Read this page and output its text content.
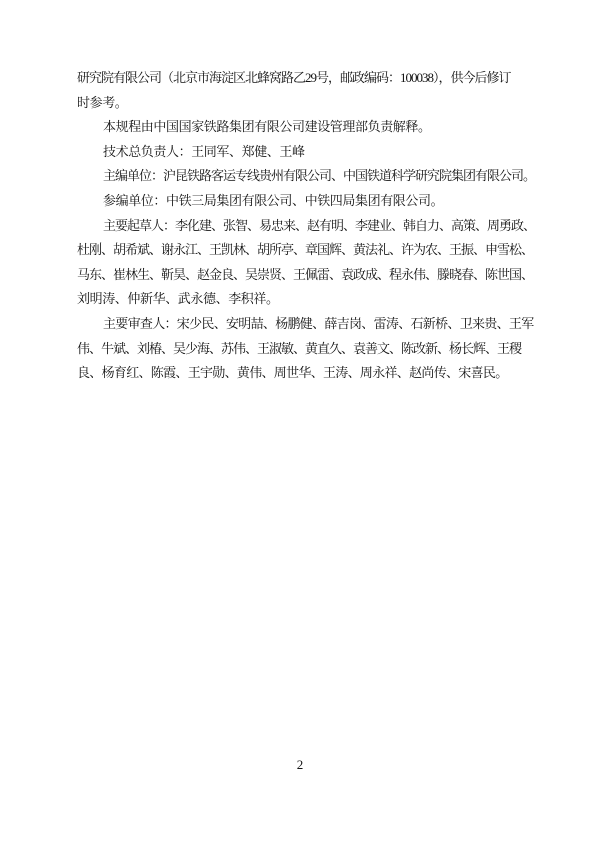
研究院有限公司（北京市海淀区北蜂窝路乙29号，邮政编码：100038），供今后修订
时参考。
本规程由中国国家铁路集团有限公司建设管理部负责解释。
技术总负责人：王同军、郑健、王峰
主编单位：沪昆铁路客运专线贵州有限公司、中国铁道科学研究院集团有限公司。
参编单位：中铁三局集团有限公司、中铁四局集团有限公司。
主要起草人：李化建、张智、易忠来、赵有明、李建业、韩自力、高策、周勇政、
杜刚、胡希斌、谢永江、王凯林、胡所亭、章国辉、黄法礼、许为农、王振、申雪松、
马东、崔林生、靳昊、赵金良、吴崇贤、王佩雷、袁政成、程永伟、滕晓春、陈世国、
刘明涛、仲新华、武永德、李积祥。
主要审查人：宋少民、安明喆、杨鹏健、薛吉岗、雷涛、石新桥、卫来贵、王军
伟、牛斌、刘椿、吴少海、苏伟、王淑敏、黄直久、袁善文、陈改新、杨长辉、王稷
良、杨育红、陈霞、王宇勋、黄伟、周世华、王涛、周永祥、赵尚传、宋喜民。
2
